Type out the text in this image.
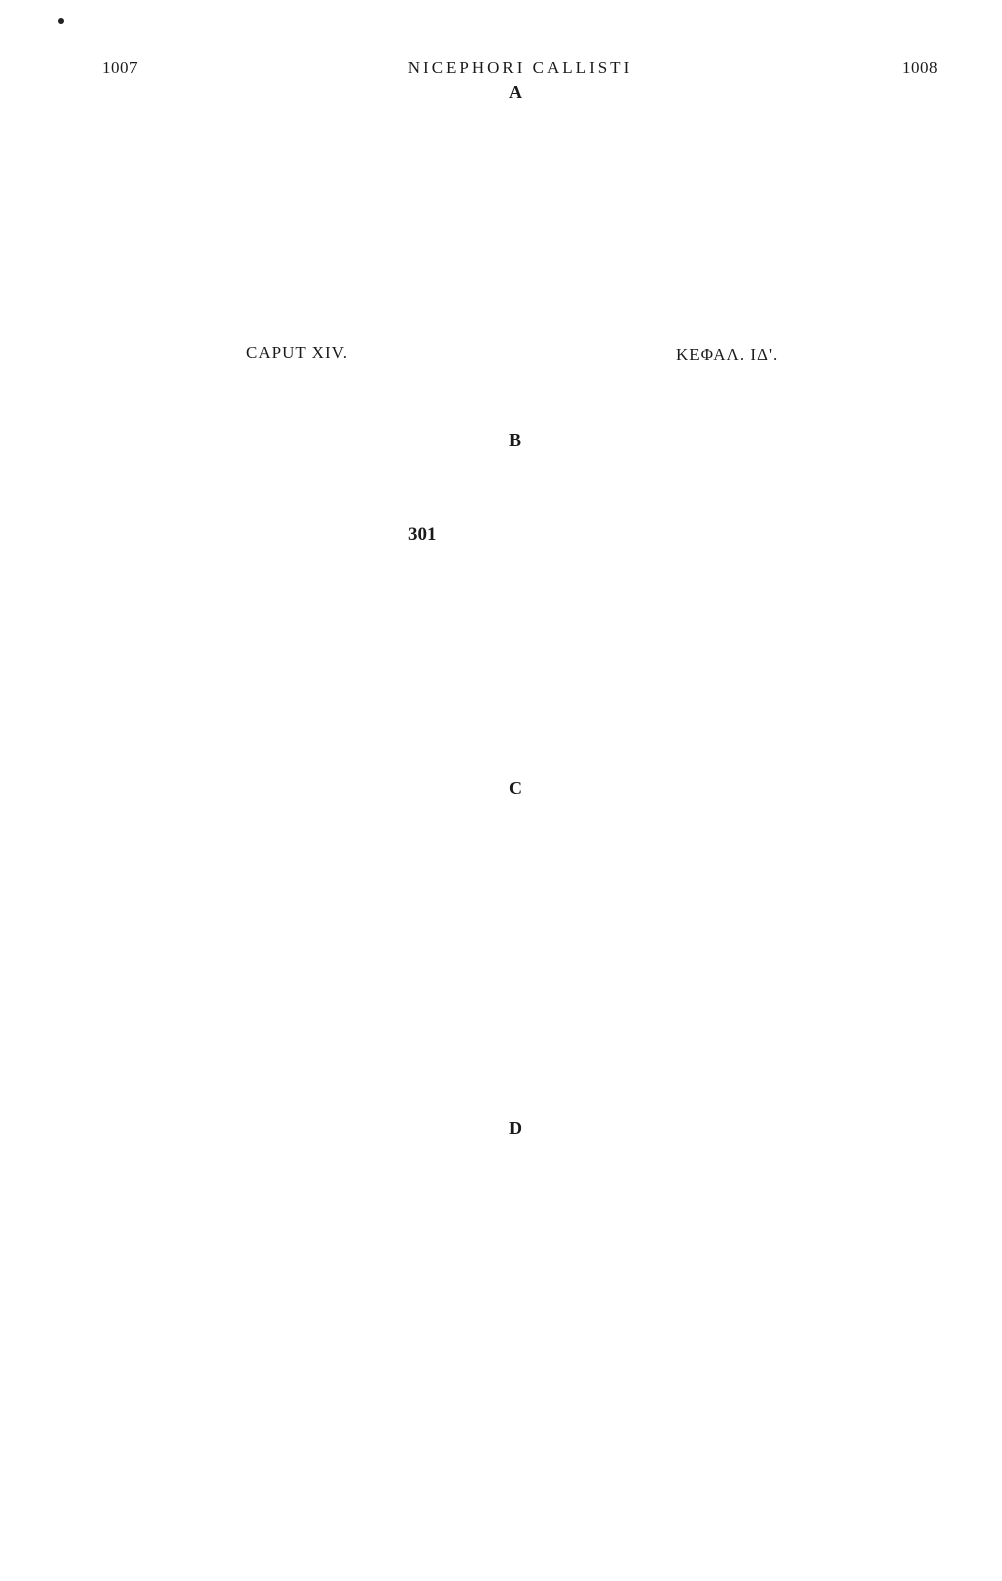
1007	NICEPHORI CALLISTI	1008
A
B
C
D
301
CAPUT XIV.	ΚΕΦΑΛ. ΙΔ'.
